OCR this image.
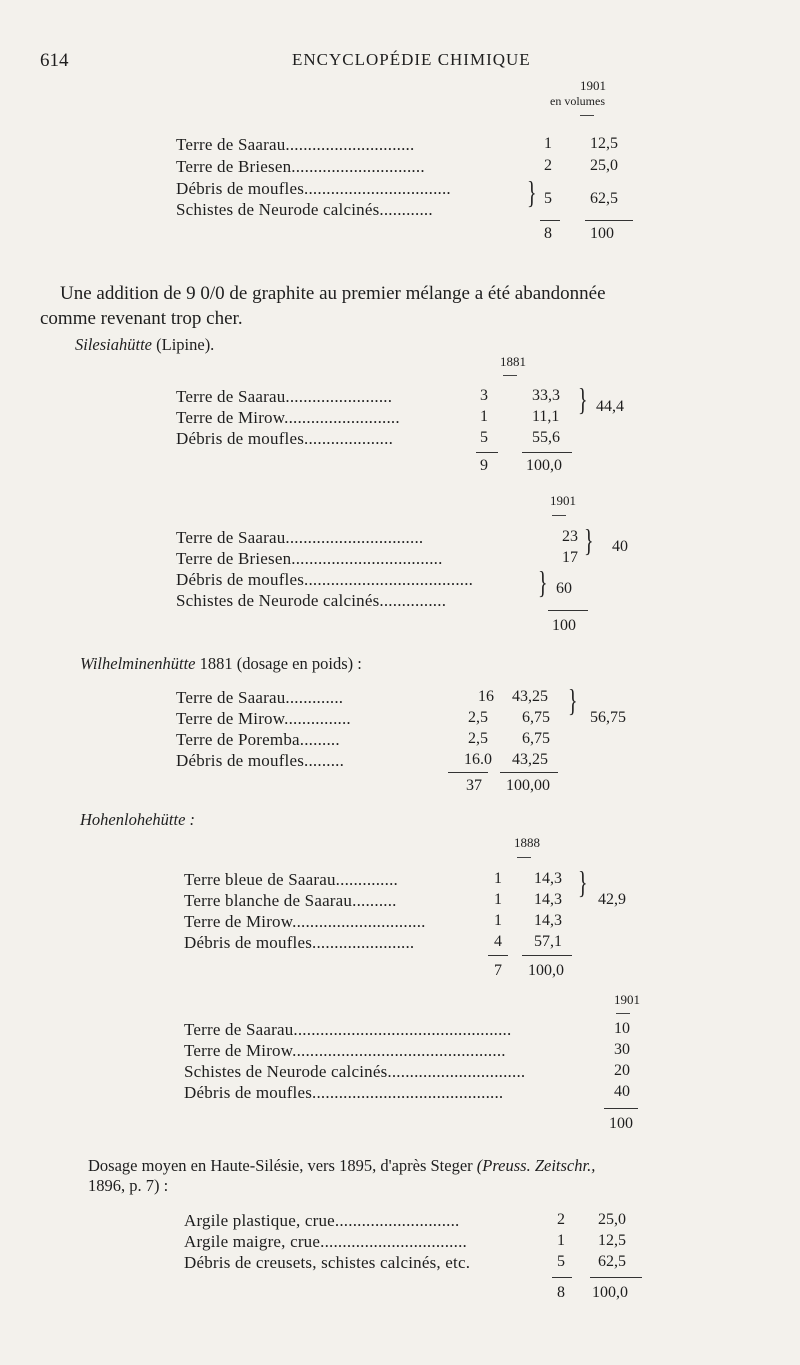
614	ENCYCLOPÉDIE CHIMIQUE
1901
en volumes
Terre de Saarau.............................	1 12,5
Terre de Briesen..............................	2 25,0
Débris de moufles.................................
Schistes de Neurode calcinés............	} 5 62,5
8 100
Une addition de 9 0/0 de graphite au premier mélange a été abandonnée
comme revenant trop cher.
Silesiahütte (Lipine).
1881
Terre de Saarau........................	3	33,3
Terre de Mirow..........................	1	11,1 } 44,4
Débris de moufles....................	5	55,6
9 100,0
1901
Terre de Saarau...............................	23
Terre de Briesen..................................	17 } 40
Débris de moufles......................................
Schistes de Neurode calcinés...............	} 60
100
Wilhelminenhütte 1881 (dosage en poids) :
Terre de Saarau.............	16 43,25
Terre de Mirow...............	2,5 6,75 } 56,75
Terre de Poremba.........	2,5 6,75
Débris de moufles.........	16.0 43,25
37 100,00
Hohenlohehütte :
1888
Terre bleue de Saarau..............	1 14,3
Terre blanche de Saarau..........	1 14,3 } 42,9
Terre de Mirow..............................	1 14,3
Débris de moufles.......................	4 57,1
7 100,0
1901
Terre de Saarau.................................................	10
Terre de Mirow................................................	30
Schistes de Neurode calcinés...............................	20
Débris de moufles...........................................	40
100
Dosage moyen en Haute-Silésie, vers 1895, d'après Steger (Preuss. Zeitschr.,
1896, p. 7) :
Argile plastique, crue............................	2 25,0
Argile maigre, crue.................................	1 12,5
Débris de creusets, schistes calcinés, etc.	5 62,5
8 100,0
